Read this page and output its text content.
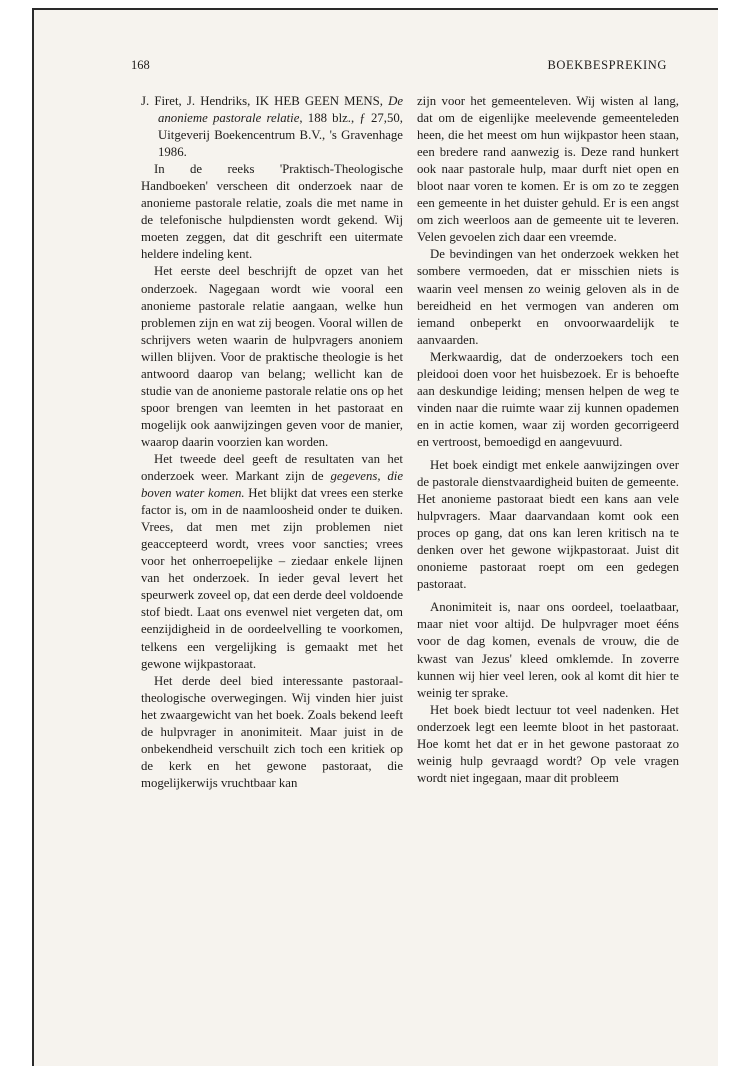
168	BOEKBESPREKING

J. Firet, J. Hendriks, IK HEB GEEN MENS, De anonieme pastorale relatie, 188 blz., ƒ 27,50, Uitgeverij Boekencentrum B.V., 's Gravenhage 1986.

In de reeks 'Praktisch-Theologische Handboeken' verscheen dit onderzoek naar de anonieme pastorale relatie, zoals die met name in de telefonische hulpdiensten wordt gekend. Wij moeten zeggen, dat dit geschrift een uitermate heldere indeling kent.

Het eerste deel beschrijft de opzet van het onderzoek. Nagegaan wordt wie vooral een anonieme pastorale relatie aangaan, welke hun problemen zijn en wat zij beogen. Vooral willen de schrijvers weten waarin de hulpvragers anoniem willen blijven. Voor de praktische theologie is het antwoord daarop van belang; wellicht kan de studie van de anonieme pastorale relatie ons op het spoor brengen van leemten in het pastoraat en mogelijk ook aanwijzingen geven voor de manier, waarop daarin voorzien kan worden.

Het tweede deel geeft de resultaten van het onderzoek weer. Markant zijn de gegevens, die boven water komen. Het blijkt dat vrees een sterke factor is, om in de naamloosheid onder te duiken. Vrees, dat men met zijn problemen niet geaccepteerd wordt, vrees voor sancties; vrees voor het onherroepelijke – ziedaar enkele lijnen van het onderzoek. In ieder geval levert het speurwerk zoveel op, dat een derde deel voldoende stof biedt. Laat ons evenwel niet vergeten dat, om eenzijdigheid in de oordeelvelling te voorkomen, telkens een vergelijking is gemaakt met het gewone wijkpastoraat.

Het derde deel bied interessante pastoraal-theologische overwegingen. Wij vinden hier juist het zwaargewicht van het boek. Zoals bekend leeft de hulpvrager in anonimiteit. Maar juist in de onbekendheid verschuilt zich toch een kritiek op de kerk en het gewone pastoraat, die mogelijkerwijs vruchtbaar kan

zijn voor het gemeenteleven. Wij wisten al lang, dat om de eigenlijke meelevende gemeenteleden heen, die het meest om hun wijkpastor heen staan, een bredere rand aanwezig is. Deze rand hunkert ook naar pastorale hulp, maar durft niet open en bloot naar voren te komen. Er is om zo te zeggen een gemeente in het duister gehuld. Er is een angst om zich weerloos aan de gemeente uit te leveren. Velen gevoelen zich daar een vreemde.

De bevindingen van het onderzoek wekken het sombere vermoeden, dat er misschien niets is waarin veel mensen zo weinig geloven als in de bereidheid en het vermogen van anderen om iemand onbeperkt en onvoorwaardelijk te aanvaarden.

Merkwaardig, dat de onderzoekers toch een pleidooi doen voor het huisbezoek. Er is behoefte aan deskundige leiding; mensen helpen de weg te vinden naar die ruimte waar zij kunnen opademen en in actie komen, waar zij worden gecorrigeerd en vertroost, bemoedigd en aangevuurd.

Het boek eindigt met enkele aanwijzingen over de pastorale dienstvaardigheid buiten de gemeente. Het anonieme pastoraat biedt een kans aan vele hulpvragers. Maar daarvandaan komt ook een proces op gang, dat ons kan leren kritisch na te denken over het gewone wijkpastoraat. Juist dit ononieme pastoraat roept om een gedegen pastoraat.

Anonimiteit is, naar ons oordeel, toelaatbaar, maar niet voor altijd. De hulpvrager moet ééns voor de dag komen, evenals de vrouw, die de kwast van Jezus' kleed omklemde. In zoverre kunnen wij hier veel leren, ook al komt dit hier te weinig ter sprake.

Het boek biedt lectuur tot veel nadenken. Het onderzoek legt een leemte bloot in het pastoraat. Hoe komt het dat er in het gewone pastoraat zo weinig hulp gevraagd wordt? Op vele vragen wordt niet ingegaan, maar dit probleem
